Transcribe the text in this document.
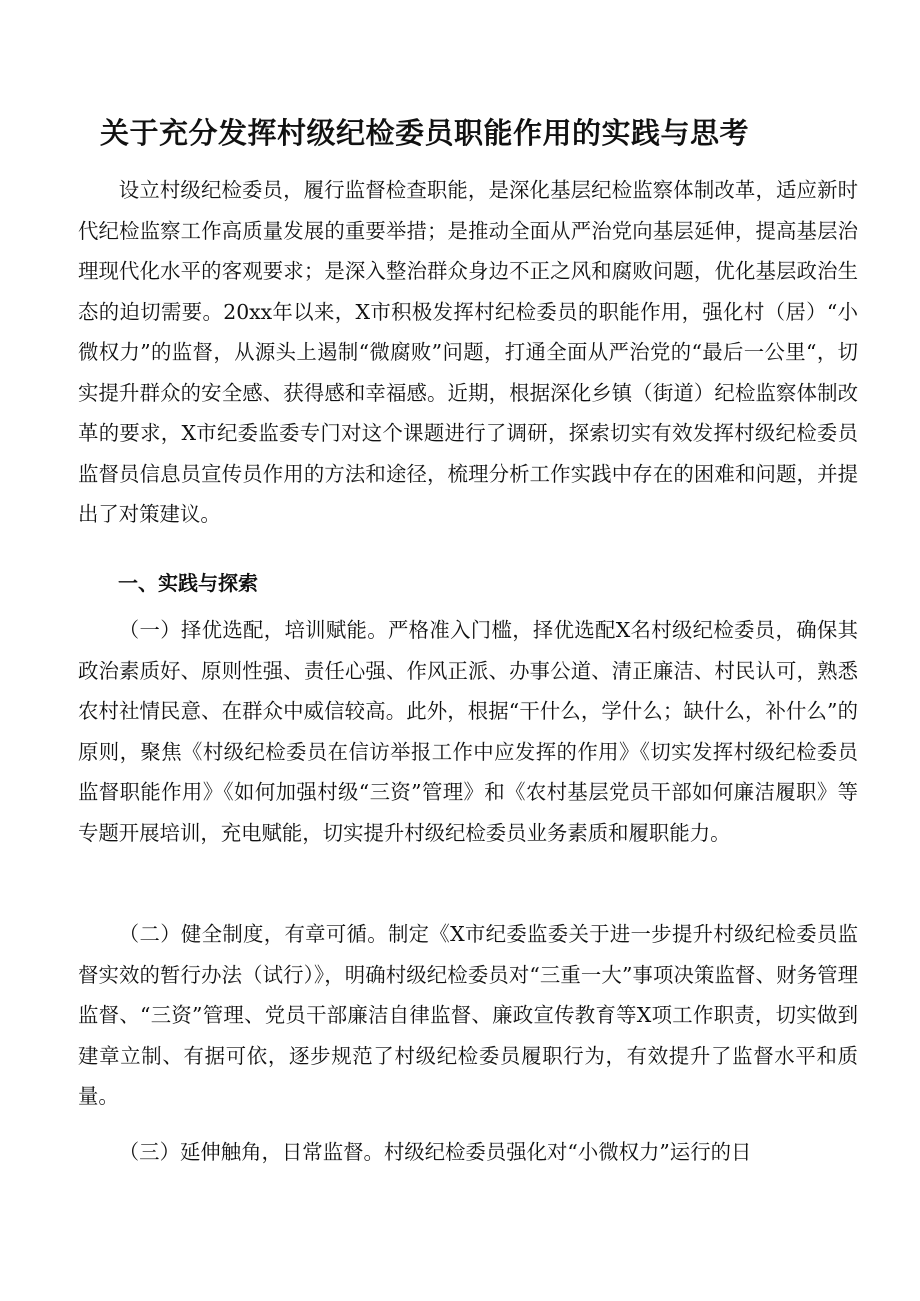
关于充分发挥村级纪检委员职能作用的实践与思考

设立村级纪检委员，履行监督检查职能，是深化基层纪检监察体制改革，适应新时代纪检监察工作高质量发展的重要举措；是推动全面从严治党向基层延伸，提高基层治理现代化水平的客观要求；是深入整治群众身边不正之风和腐败问题，优化基层政治生态的迫切需要。20xx年以来，X市积极发挥村纪检委员的职能作用，强化村（居）“小微权力”的监督，从源头上遏制“微腐败”问题，打通全面从严治党的“最后一公里“，切实提升群众的安全感、获得感和幸福感。近期，根据深化乡镇（街道）纪检监察体制改革的要求，X市纪委监委专门对这个课题进行了调研，探索切实有效发挥村级纪检委员监督员信息员宣传员作用的方法和途径，梳理分析工作实践中存在的困难和问题，并提出了对策建议。

一、实践与探索

（一）择优选配，培训赋能。严格准入门槛，择优选配X名村级纪检委员，确保其政治素质好、原则性强、责任心强、作风正派、办事公道、清正廉洁、村民认可，熟悉农村社情民意、在群众中威信较高。此外，根据“干什么，学什么；缺什么，补什么”的原则，聚焦《村级纪检委员在信访举报工作中应发挥的作用》《切实发挥村级纪检委员监督职能作用》《如何加强村级“三资”管理》和《农村基层党员干部如何廉洁履职》等专题开展培训，充电赋能，切实提升村级纪检委员业务素质和履职能力。

（二）健全制度，有章可循。制定《X市纪委监委关于进一步提升村级纪检委员监督实效的暂行办法（试行）》，明确村级纪检委员对“三重一大”事项决策监督、财务管理监督、“三资”管理、党员干部廉洁自律监督、廉政宣传教育等X项工作职责，切实做到建章立制、有据可依，逐步规范了村级纪检委员履职行为，有效提升了监督水平和质量。

（三）延伸触角，日常监督。村级纪检委员强化对“小微权力”运行的日
